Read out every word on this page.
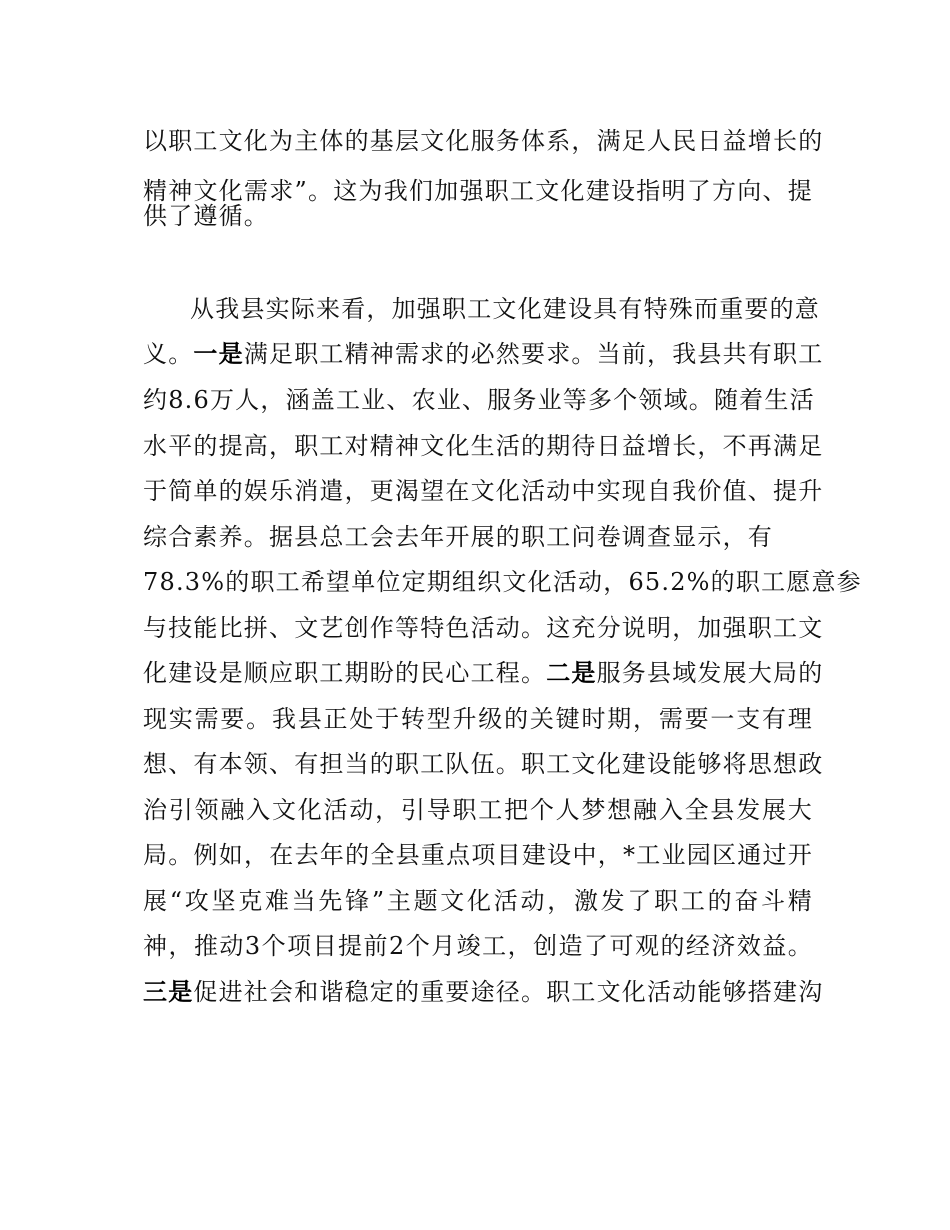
以职工文化为主体的基层文化服务体系，满足人民日益增长的

精神文化需求”。这为我们加强职工文化建设指明了方向、提

供了遵循。

从我县实际来看，加强职工文化建设具有特殊而重要的意

义。一是满足职工精神需求的必然要求。当前，我县共有职工

约8.6万人，涵盖工业、农业、服务业等多个领域。随着生活

水平的提高，职工对精神文化生活的期待日益增长，不再满足

于简单的娱乐消遣，更渴望在文化活动中实现自我价值、提升

综合素养。据县总工会去年开展的职工问卷调查显示，有

78.3%的职工希望单位定期组织文化活动，65.2%的职工愿意参

与技能比拼、文艺创作等特色活动。这充分说明，加强职工文

化建设是顺应职工期盼的民心工程。二是服务县域发展大局的

现实需要。我县正处于转型升级的关键时期，需要一支有理

想、有本领、有担当的职工队伍。职工文化建设能够将思想政

治引领融入文化活动，引导职工把个人梦想融入全县发展大

局。例如，在去年的全县重点项目建设中，*工业园区通过开

展“攻坚克难当先锋”主题文化活动，激发了职工的奋斗精

神，推动3个项目提前2个月竣工，创造了可观的经济效益。

三是促进社会和谐稳定的重要途径。职工文化活动能够搭建沟
